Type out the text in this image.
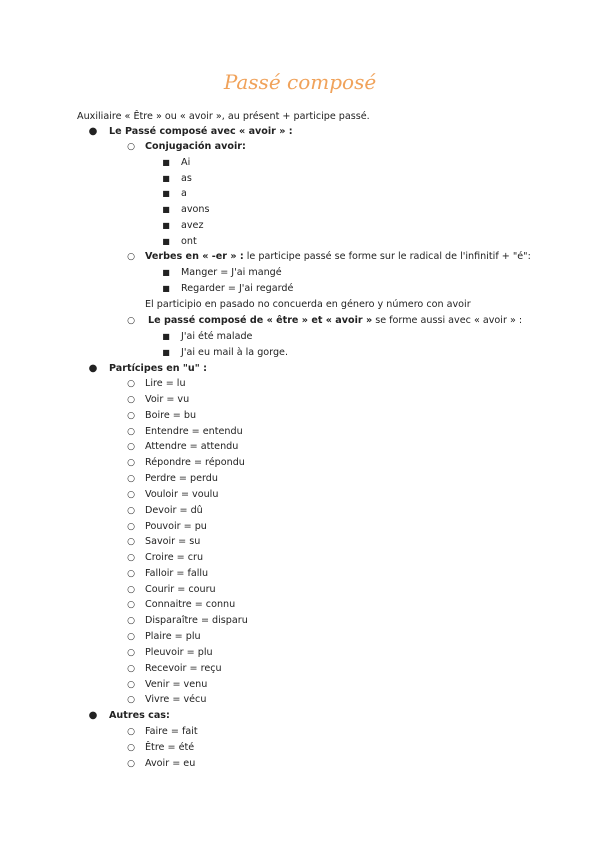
Passé composé
Auxiliaire « Être » ou « avoir », au présent + participe passé.
● Le Passé composé avec « avoir » :
○	Conjugación avoir:
■	Ai
■	as
■	a
■	avons
■	avez
■	ont
○	Verbes en « -er » : le participe passé se forme sur le radical de l'infinitif + "é":
■	Manger = J'ai mangé
■	Regarder = J'ai regardé
El participio en pasado no concuerda en género y número con avoir
○	Le passé composé de « être » et « avoir » se forme aussi avec « avoir » :
■	J'ai été malade
■	J'ai eu mail à la gorge.
● Partícipes en "u" :
○	Lire = lu
○	Voir = vu
○	Boire = bu
○	Entendre = entendu
○	Attendre = attendu
○	Répondre = répondu
○	Perdre = perdu
○	Vouloir = voulu
○	Devoir = dû
○	Pouvoir = pu
○	Savoir = su
○	Croire = cru
○	Falloir = fallu
○	Courir = couru
○	Connaitre = connu
○	Disparaître = disparu
○	Plaire = plu
○	Pleuvoir = plu
○	Recevoir = reçu
○	Venir = venu
○	Vivre = vécu
● Autres cas:
○	Faire = fait
○	Être = été
○	Avoir = eu
